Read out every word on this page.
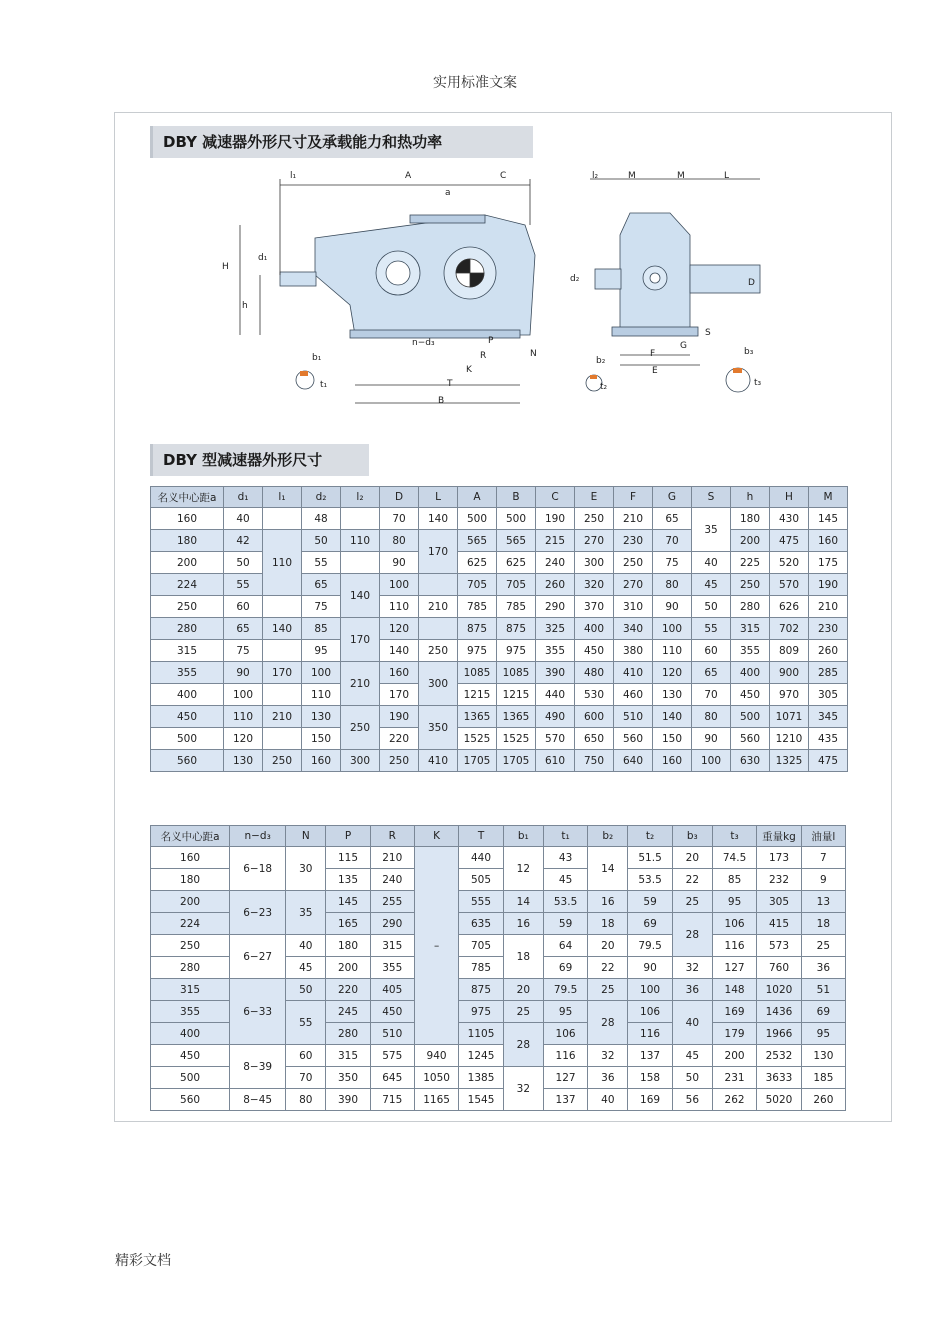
实用标准文案
DBY 减速器外形尺寸及承载能力和热功率
l₁	A
a
C
H
h
d₁
n−d₃	P
R
K
N
T
B
b₁
t₁
l₂	M	M	L
d₂	D
S
G
F
E
b₂
t₂
b₃
t₃
DBY 型减速器外形尺寸
名义中心距a	d₁	l₁	d₂	l₂	D	L	A	B	C	E	F	G	S	h	H	M
160	40		48		70	140	500	500	190	250	210	65	35	180	430	145
180	42	110	50	110	80	170	565	565	215	270	230	70		200	475	160
200	50		55		90		625	625	240	300	250	75	40	225	520	175
224	55		65	140	100		705	705	260	320	270	80	45	250	570	190
250	60		75		110	210	785	785	290	370	310	90	50	280	626	210
280	65	140	85	170	120		875	875	325	400	340	100	55	315	702	230
315	75		95		140	250	975	975	355	450	380	110	60	355	809	260
355	90	170	100	210	160	300	1085	1085	390	480	410	120	65	400	900	285
400	100		110		170		1215	1215	440	530	460	130	70	450	970	305
450	110	210	130	250	190	350	1365	1365	490	600	510	140	80	500	1071	345
500	120		150		220		1525	1525	570	650	560	150	90	560	1210	435
560	130	250	160	300	250	410	1705	1705	610	750	640	160	100	630	1325	475
名义中心距a	n−d₃	N	P	R	K	T	b₁	t₁	b₂	t₂	b₃	t₃	重量kg	油量l
160	6−18	30	115	210	–	440	12	43	14	51.5	20	74.5	173	7
180			135	240		505		45		53.5	22	85	232	9
200	6−23	35	145	255		555	14	53.5	16	59	25	95	305	13
224			165	290		635	16	59	18	69	28	106	415	18
250	6−27	40	180	315		705	18	64	20	79.5		116	573	25
280		45	200	355		785		69	22	90	32	127	760	36
315	6−33	50	220	405		875	20	79.5	25	100	36	148	1020	51
355		55	245	450		975	25	95	28	106	40	169	1436	69
400			280	510		1105	28	106		116		179	1966	95
450	8−39	60	315	575	940	1245		116	32	137	45	200	2532	130
500		70	350	645	1050	1385	32	127	36	158	50	231	3633	185
560	8−45	80	390	715	1165	1545		137	40	169	56	262	5020	260
精彩文档
